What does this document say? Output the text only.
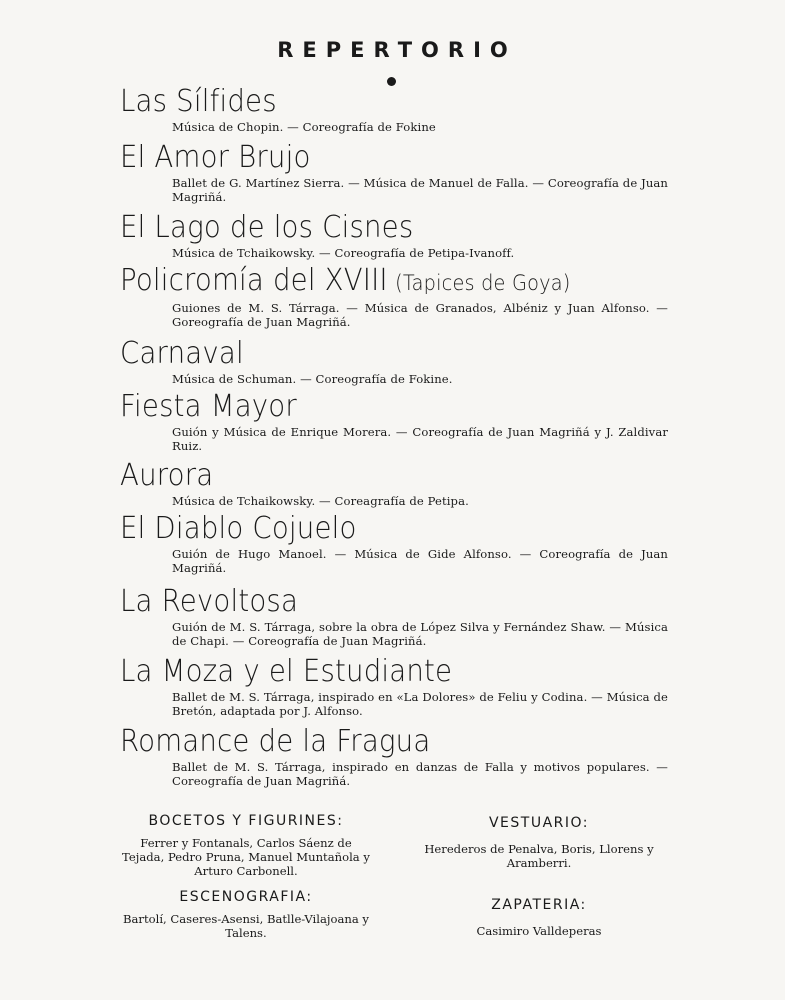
REPERTORIO
Las Sílfides
Música de Chopin. — Coreografía de Fokine
El Amor Brujo
Ballet de G. Martínez Sierra. — Música de Manuel de Falla. — Coreografía de Juan Magriñá.
El Lago de los Cisnes
Música de Tchaikowsky. — Coreografía de Petipa-Ivanoff.
Policromía del XVIII (Tapices de Goya)
Guiones de M. S. Tárraga. — Música de Granados, Albéniz y Juan Alfonso. — Goreografía de Juan Magriñá.
Carnaval
Música de Schuman. — Coreografía de Fokine.
Fiesta Mayor
Guión y Música de Enrique Morera. — Coreografía de Juan Magriñá y J. Zaldivar Ruiz.
Aurora
Música de Tchaikowsky. — Coreagrafía de Petipa.
El Diablo Cojuelo
Guión de Hugo Manoel. — Música de Gide Alfonso. — Coreografía de Juan Magriñá.
La Revoltosa
Guión de M. S. Tárraga, sobre la obra de López Silva y Fernández Shaw. — Música de Chapi. — Coreografía de Juan Magriñá.
La Moza y el Estudiante
Ballet de M. S. Tárraga, inspirado en «La Dolores» de Feliu y Codina. — Música de Bretón, adaptada por J. Alfonso.
Romance de la Fragua
Ballet de M. S. Tárraga, inspirado en danzas de Falla y motivos populares. — Coreografía de Juan Magriñá.
BOCETOS Y FIGURINES:
Ferrer y Fontanals, Carlos Sáenz de Tejada, Pedro Pruna, Manuel Muntañola y Arturo Carbonell.
ESCENOGRAFIA:
Bartolí, Caseres-Asensi, Batlle-Vilajoana y Talens.
VESTUARIO:
Herederos de Penalva, Boris, Llorens y Aramberri.
ZAPATERIA:
Casimiro Valldeperas
